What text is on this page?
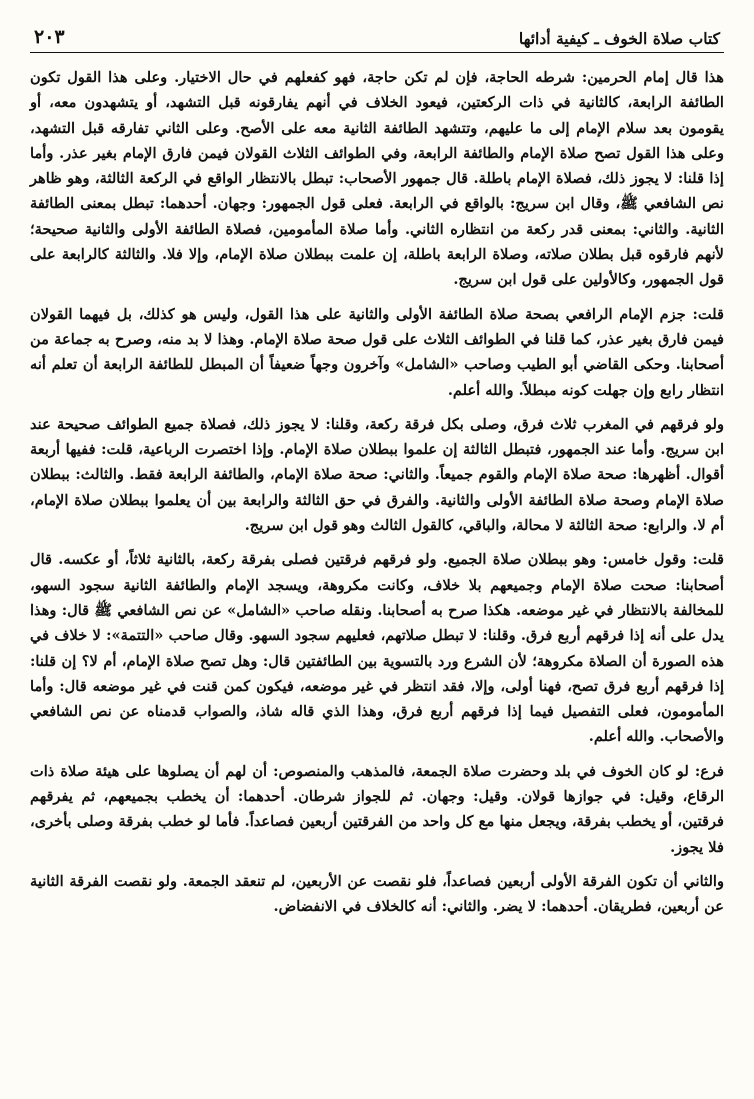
كتاب صلاة الخوف ـ كيفية أدائها
٢٠٣

هذا قال إمام الحرمين: شرطه الحاجة، فإن لم تكن حاجة، فهو كفعلهم في حال الاختيار. وعلى هذا القول تكون الطائفة الرابعة، كالثانية في ذات الركعتين، فيعود الخلاف في أنهم يفارقونه قبل التشهد، أو يتشهدون معه، أو يقومون بعد سلام الإمام إلى ما عليهم، وتتشهد الطائفة الثانية معه على الأصح. وعلى الثاني تفارقه قبل التشهد، وعلى هذا القول تصح صلاة الإمام والطائفة الرابعة، وفي الطوائف الثلاث القولان فيمن فارق الإمام بغير عذر. وأما إذا قلنا: لا يجوز ذلك، فصلاة الإمام باطلة. قال جمهور الأصحاب: تبطل بالانتظار الواقع في الركعة الثالثة، وهو ظاهر نص الشافعي ﷺ، وقال ابن سريج: بالواقع في الرابعة. فعلى قول الجمهور: وجهان. أحدهما: تبطل بمعنى الطائفة الثانية. والثاني: بمعنى قدر ركعة من انتظاره الثاني. وأما صلاة المأمومين، فصلاة الطائفة الأولى والثانية صحيحة؛ لأنهم فارقوه قبل بطلان صلاته، وصلاة الرابعة باطلة، إن علمت ببطلان صلاة الإمام، وإلا فلا. والثالثة كالرابعة على قول الجمهور، وكالأولين على قول ابن سريج.

قلت: جزم الإمام الرافعي بصحة صلاة الطائفة الأولى والثانية على هذا القول، وليس هو كذلك، بل فيهما القولان فيمن فارق بغير عذر، كما قلنا في الطوائف الثلاث على قول صحة صلاة الإمام. وهذا لا بد منه، وصرح به جماعة من أصحابنا. وحكى القاضي أبو الطيب وصاحب «الشامل» وآخرون وجهاً ضعيفاً أن المبطل للطائفة الرابعة أن تعلم أنه انتظار رابع وإن جهلت كونه مبطلاً. والله أعلم.

ولو فرقهم في المغرب ثلاث فرق، وصلى بكل فرقة ركعة، وقلنا: لا يجوز ذلك، فصلاة جميع الطوائف صحيحة عند ابن سريج. وأما عند الجمهور، فتبطل الثالثة إن علموا ببطلان صلاة الإمام. وإذا اختصرت الرباعية، قلت: ففيها أربعة أقوال. أظهرها: صحة صلاة الإمام والقوم جميعاً. والثاني: صحة صلاة الإمام، والطائفة الرابعة فقط. والثالث: ببطلان صلاة الإمام وصحة صلاة الطائفة الأولى والثانية. والفرق في حق الثالثة والرابعة بين أن يعلموا ببطلان صلاة الإمام، أم لا. والرابع: صحة الثالثة لا محالة، والباقي، كالقول الثالث وهو قول ابن سريج.

قلت: وقول خامس: وهو ببطلان صلاة الجميع. ولو فرقهم فرقتين فصلى بفرقة ركعة، بالثانية ثلاثاً، أو عكسه. قال أصحابنا: صحت صلاة الإمام وجميعهم بلا خلاف، وكانت مكروهة، ويسجد الإمام والطائفة الثانية سجود السهو، للمخالفة بالانتظار في غير موضعه. هكذا صرح به أصحابنا. ونقله صاحب «الشامل» عن نص الشافعي ﷺ قال: وهذا يدل على أنه إذا فرقهم أربع فرق. وقلنا: لا تبطل صلاتهم، فعليهم سجود السهو. وقال صاحب «التتمة»: لا خلاف في هذه الصورة أن الصلاة مكروهة؛ لأن الشرع ورد بالتسوية بين الطائفتين قال: وهل تصح صلاة الإمام، أم لا؟ إن قلنا: إذا فرقهم أربع فرق تصح، فهنا أولى، وإلا، فقد انتظر في غير موضعه، فيكون كمن قنت في غير موضعه قال: وأما المأمومون، فعلى التفصيل فيما إذا فرقهم أربع فرق، وهذا الذي قاله شاذ، والصواب قدمناه عن نص الشافعي والأصحاب. والله أعلم.

فرع: لو كان الخوف في بلد وحضرت صلاة الجمعة، فالمذهب والمنصوص: أن لهم أن يصلوها على هيئة صلاة ذات الرقاع، وقيل: في جوازها قولان. وقيل: وجهان. ثم للجواز شرطان. أحدهما: أن يخطب بجميعهم، ثم يفرقهم فرقتين، أو يخطب بفرقة، ويجعل منها مع كل واحد من الفرقتين أربعين فصاعداً. فأما لو خطب بفرقة وصلى بأخرى، فلا يجوز.

والثاني أن تكون الفرقة الأولى أربعين فصاعداً، فلو نقصت عن الأربعين، لم تنعقد الجمعة. ولو نقصت الفرقة الثانية عن أربعين، فطريقان. أحدهما: لا يضر. والثاني: أنه كالخلاف في الانفضاض.
